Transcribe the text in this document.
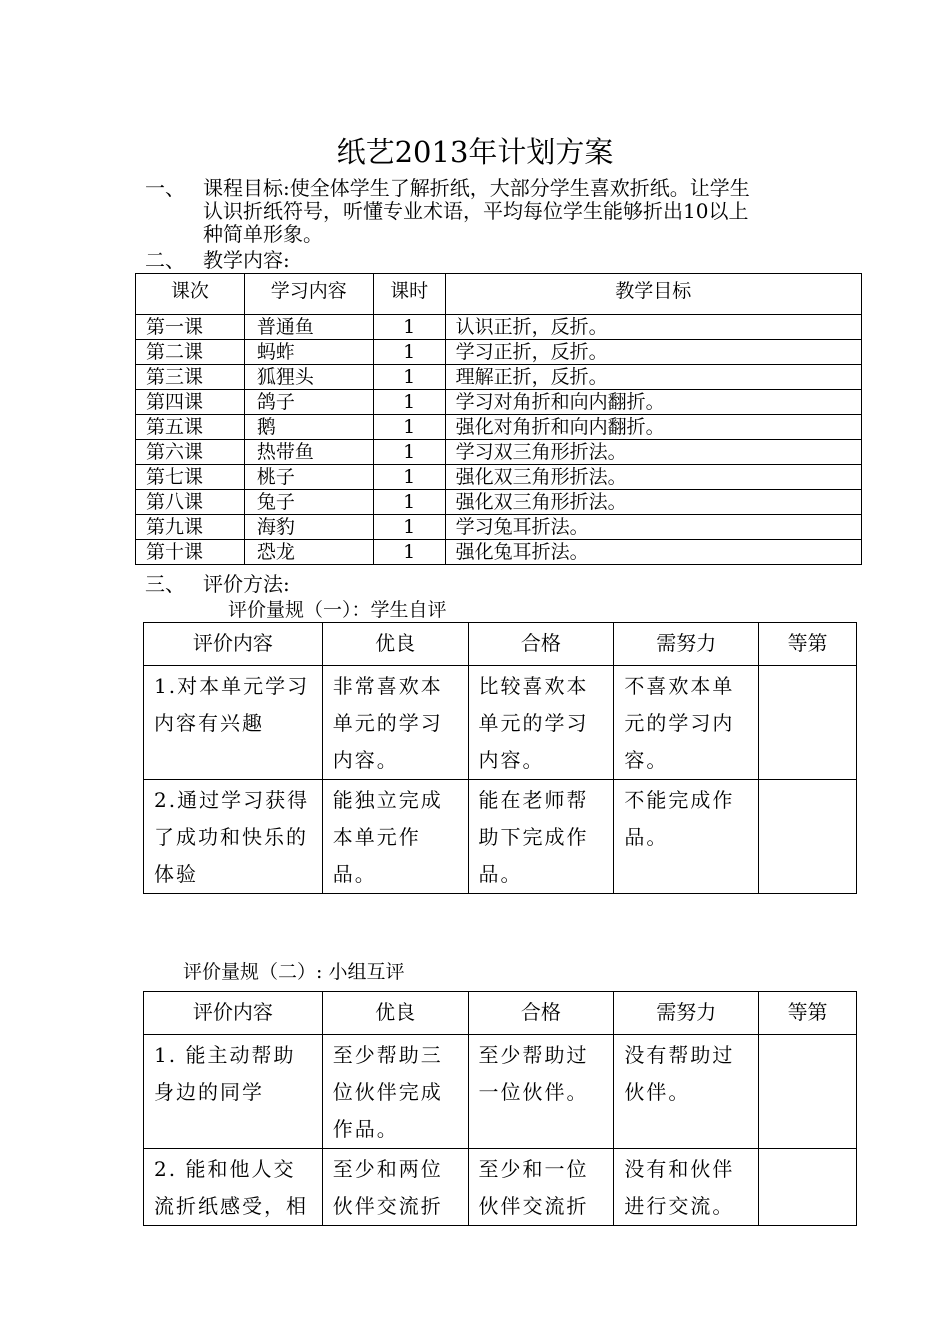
纸艺2013年计划方案
一、 课程目标:使全体学生了解折纸，大部分学生喜欢折纸。让学生
认识折纸符号，听懂专业术语，平均每位学生能够折出10以上
种简单形象。
二、 教学内容:
课次	学习内容	课时	教学目标
第一课	普通鱼	1	认识正折，反折。
第二课	蚂蚱	1	学习正折，反折。
第三课	狐狸头	1	理解正折，反折。
第四课	鸽子	1	学习对角折和向内翻折。
第五课	鹅	1	强化对角折和向内翻折。
第六课	热带鱼	1	学习双三角形折法。
第七课	桃子	1	强化双三角形折法。
第八课	兔子	1	强化双三角形折法。
第九课	海豹	1	学习兔耳折法。
第十课	恐龙	1	强化兔耳折法。
三、 评价方法:
评价量规（一）：学生自评
评价内容	优良	合格	需努力	等第
1.对本单元学习内容有兴趣	非常喜欢本单元的学习内容。	比较喜欢本单元的学习内容。	不喜欢本单元的学习内容。	
2.通过学习获得了成功和快乐的体验	能独立完成本单元作品。	能在老师帮助下完成作品。	不能完成作品。	
评价量规（二）: 小组互评
评价内容	优良	合格	需努力	等第
1. 能主动帮助身边的同学	至少帮助三位伙伴完成作品。	至少帮助过一位伙伴。	没有帮助过伙伴。	
2. 能和他人交流折纸感受，相	至少和两位伙伴交流折	至少和一位伙伴交流折	没有和伙伴进行交流。	
